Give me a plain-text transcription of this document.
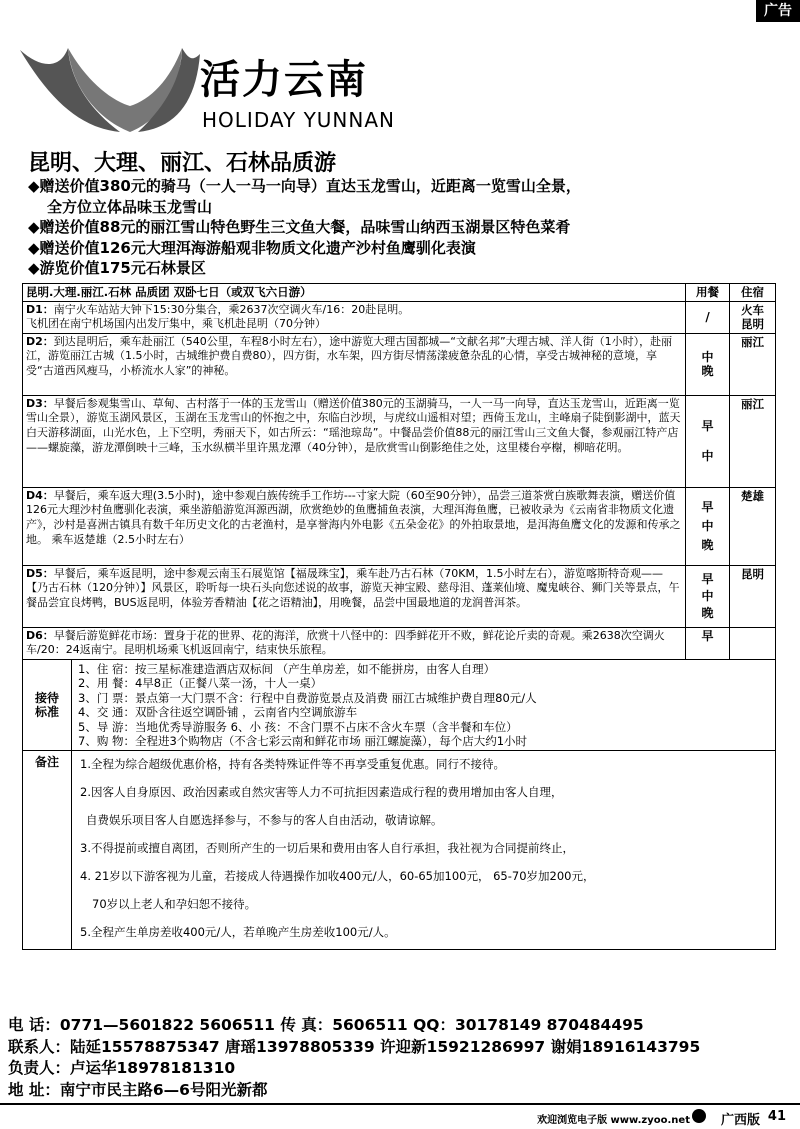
广告
活力云南
HOLIDAY YUNNAN
昆明、大理、丽江、石林品质游
◆赠送价值380元的骑马（一人一马一向导）直达玉龙雪山，近距离一览雪山全景，
全方位立体品味玉龙雪山
◆赠送价值88元的丽江雪山特色野生三文鱼大餐，品味雪山纳西玉湖景区特色菜肴
◆赠送价值126元大理洱海游船观非物质文化遗产沙村鱼鹰驯化表演
◆游览价值175元石林景区
昆明.大理.丽江.石林 品质团 双卧七日（或双飞六日游）	用餐	住宿
D1：南宁火车站站大钟下15:30分集合，乘2637次空调火车/16：20赴昆明。
飞机团在南宁机场国内出发厅集中，乘飞机赴昆明（70分钟）	/	火车
昆明
D2：到达昆明后，乘车赴丽江（540公里，车程8小时左右），途中游览大理古国都城—“文献名邦”大理古城、洋人街（1小时），赴丽江，游览丽江古城（1.5小时，古城维护费自费80），四方街，水车架，四方街尽情荡漾疲惫杂乱的心情，享受古城神秘的意境，享受“古道西风瘦马，小桥流水人家”的神秘。	中
晚	丽江
D3：早餐后参观集雪山、草甸、古村落于一体的玉龙雪山（赠送价值380元的玉湖骑马，一人一马一向导，直达玉龙雪山，近距离一览雪山全景），游览玉湖风景区，玉湖在玉龙雪山的怀抱之中，东临白沙坝，与虎纹山遥相对望；西倚玉龙山，主峰扇子陡倒影湖中，蓝天白天游移湖面，山光水色，上下空明，秀丽天下，如古所云：“瑶池琼岛”。中餐品尝价值88元的丽江雪山三文鱼大餐，参观丽江特产店——螺旋藻，游龙潭倒映十三峰，玉水纵横半里许黑龙潭（40分钟），是欣赏雪山倒影绝佳之处，这里楼台亭榭，柳暗花明。	早
中	丽江
D4：早餐后，乘车返大理(3.5小时)，途中参观白族传统手工作坊---寸家大院（60至90分钟），品尝三道茶赏白族歌舞表演，赠送价值126元大理沙村鱼鹰驯化表演，乘坐游船游览洱源西湖，欣赏绝妙的鱼鹰捕鱼表演，大理洱海鱼鹰，已被收录为《云南省非物质文化遗产》，沙村是喜洲古镇具有数千年历史文化的古老渔村，是享誉海内外电影《五朵金花》的外拍取景地，是洱海鱼鹰文化的发源和传承之地。 乘车返楚雄（2.5小时左右）	早
中
晚	楚雄
D5：早餐后，乘车返昆明，途中参观云南玉石展览馆【福晟珠宝】，乘车赴乃古石林（70KM，1.5小时左右），游览喀斯特奇观——【乃古石林（120分钟）】风景区，聆听每一块石头向您述说的故事，游览天神宝殿、慈母泪、蓬莱仙境、魔鬼峡谷、狮门关等景点，午餐品尝宜良烤鸭，BUS返昆明，体验芳香精油【花之语精油】，用晚餐，品尝中国最地道的龙润普洱茶。	早
中
晚	昆明
D6：早餐后游览鲜花市场：置身于花的世界、花的海洋，欣赏十八怪中的：四季鲜花开不败，鲜花论斤卖的奇观。乘2638次空调火车/20：24返南宁。昆明机场乘飞机返回南宁，结束快乐旅程。	早	

接待
标准	
1、住 宿：按三星标准建造酒店双标间 （产生单房差，如不能拼房，由客人自理）
2、用 餐：4早8正（正餐八菜一汤，十人一桌）
3、门 票：景点第一大门票不含：行程中自费游览景点及消费 丽江古城维护费自理80元/人
4、交 通：双卧含往返空调卧铺 ，云南省内空调旅游车
5、导 游：当地优秀导游服务 6、小 孩：不含门票不占床不含火车票（含半餐和车位）
7、购 物：全程进3个购物店（不含七彩云南和鲜花市场 丽江螺旋藻），每个店大约1小时

备注	1.全程为综合超级优惠价格，持有各类特殊证件等不再享受重复优惠。同行不接待。

2.因客人自身原因、政治因素或自然灾害等人力不可抗拒因素造成行程的费用增加由客人自理，

自费娱乐项目客人自愿选择参与，不参与的客人自由活动，敬请谅解。

3.不得提前或擅自离团，否则所产生的一切后果和费用由客人自行承担，我社视为合同提前终止，

4. 21岁以下游客视为儿童，若接成人待遇操作加收400元/人，60-65加100元， 65-70岁加200元，

70岁以上老人和孕妇恕不接待。

5.全程产生单房差收400元/人，若单晚产生房差收100元/人。

电 话：0771—5601822 5606511 传 真：5606511 QQ：30178149 870484495
联系人：陆延15578875347 唐瑶13978805339 许迎新15921286997 谢娟18916143795
负责人：卢运华18978181310
地 址：南宁市民主路6—6号阳光新都
欢迎浏览电子版 www.zyoo.net 广西版 41
